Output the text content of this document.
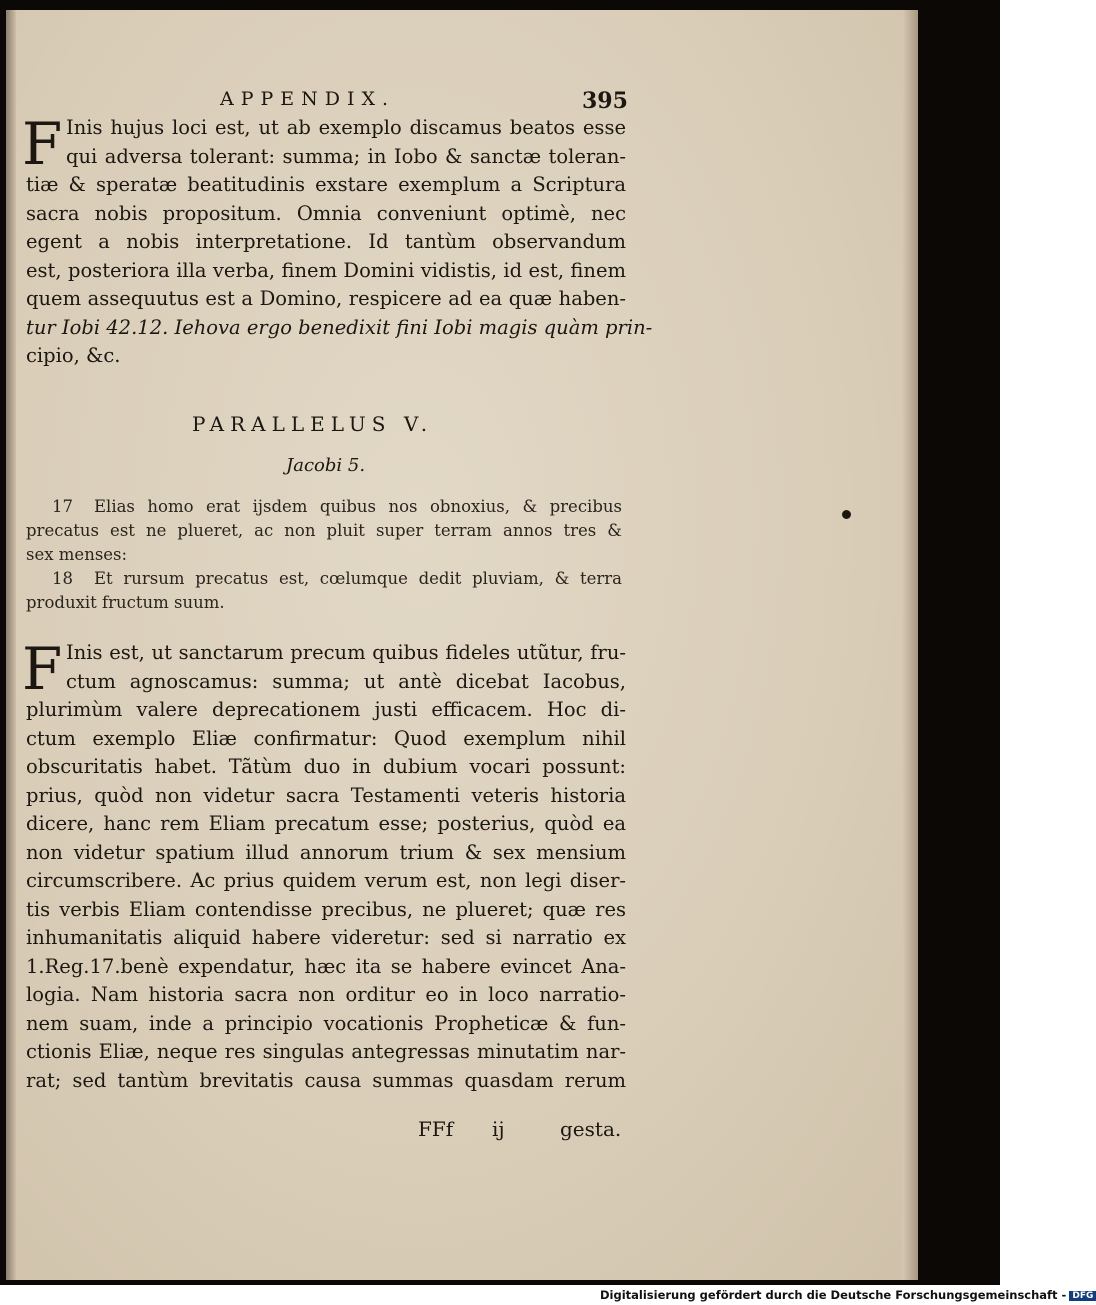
APPENDIX.	395
F Inis hujus loci est, ut ab exemplo discamus beatos esse
qui adversa tolerant: summa; in Iobo & sanctæ toleran-
tiæ & speratæ beatitudinis exstare exemplum a Scriptura
sacra nobis propositum. Omnia conveniunt optimè, nec
egent a nobis interpretatione. Id tantùm observandum
est, posteriora illa verba, finem Domini vidistis, id est, finem
quem assequutus est a Domino, respicere ad ea quæ haben-
tur Iobi 42.12. Iehova ergo benedixit fini Iobi magis quàm prin-
cipio, &c.
PARALLELUS V.
Jacobi 5.
17 Elias homo erat ijsdem quibus nos obnoxius, & precibus
precatus est ne plueret, ac non pluit super terram annos tres &
sex menses:
18 Et rursum precatus est, cœlumque dedit pluviam, & terra
produxit fructum suum.
F Inis est, ut sanctarum precum quibus fideles utũtur, fru-
ctum agnoscamus: summa; ut antè dicebat Iacobus,
plurimùm valere deprecationem justi efficacem. Hoc di-
ctum exemplo Eliæ confirmatur: Quod exemplum nihil
obscuritatis habet. Tãtùm duo in dubium vocari possunt:
prius, quòd non videtur sacra Testamenti veteris historia
dicere, hanc rem Eliam precatum esse; posterius, quòd ea
non videtur spatium illud annorum trium & sex mensium
circumscribere. Ac prius quidem verum est, non legi diser-
tis verbis Eliam contendisse precibus, ne plueret; quæ res
inhumanitatis aliquid habere videretur: sed si narratio ex
1.Reg.17.benè expendatur, hæc ita se habere evincet Ana-
logia. Nam historia sacra non orditur eo in loco narratio-
nem suam, inde a principio vocationis Propheticæ & fun-
ctionis Eliæ, neque res singulas antegressas minutatim nar-
rat; sed tantùm brevitatis causa summas quasdam rerum
FFf ij	gesta.
Digitalisierung gefördert durch die Deutsche Forschungsgemeinschaft - DFG
